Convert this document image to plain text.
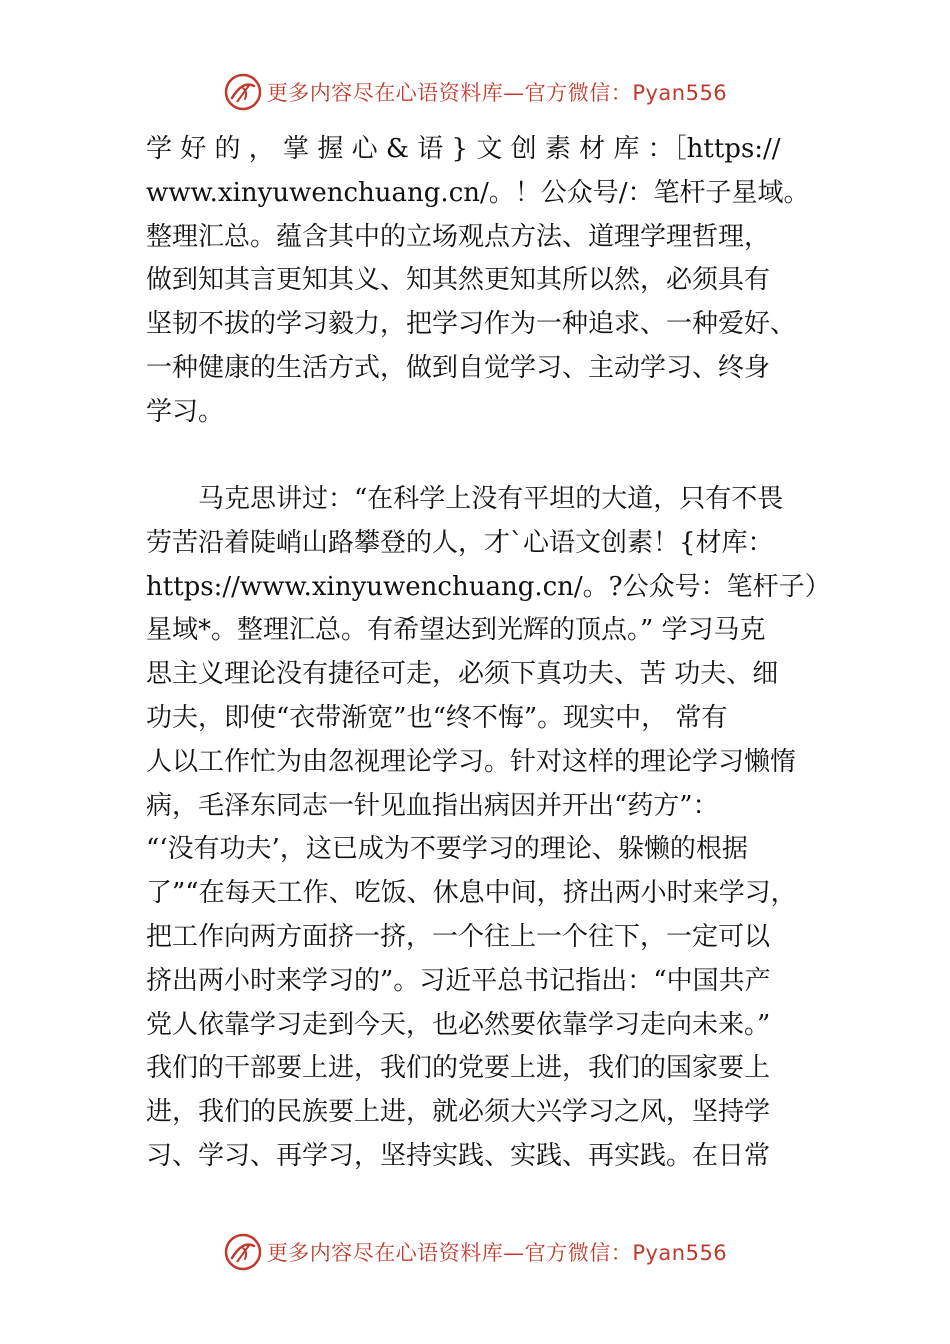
更多内容尽在心语资料库—官方微信：Pyan556
学 好 的 ， 掌 握 心 & 语 } 文 创 素 材 库 ：［https://
www.xinyuwenchuang.cn/。！公众号/：笔杆子星域。
整理汇总。蕴含其中的立场观点方法、道理学理哲理，
做到知其言更知其义、知其然更知其所以然，必须具有
坚韧不拔的学习毅力，把学习作为一种追求、一种爱好、
一种健康的生活方式，做到自觉学习、主动学习、终身
学习。
马克思讲过：“在科学上没有平坦的大道，只有不畏
劳苦沿着陡峭山路攀登的人，才`心语文创素！{材库：
https://www.xinyuwenchuang.cn/。?公众号：笔杆子）
星域*。整理汇总。有希望达到光辉的顶点。” 学习马克
思主义理论没有捷径可走，必须下真功夫、苦 功夫、细
功夫，即使“衣带渐宽”也“终不悔”。现实中， 常有
人以工作忙为由忽视理论学习。针对这样的理论学习懒惰
病，毛泽东同志一针见血指出病因并开出“药方”：
“‘没有功夫’，这已成为不要学习的理论、躲懒的根据
了”“在每天工作、吃饭、休息中间，挤出两小时来学习，
把工作向两方面挤一挤，一个往上一个往下，一定可以
挤出两小时来学习的”。习近平总书记指出：“中国共产
党人依靠学习走到今天，也必然要依靠学习走向未来。”
我们的干部要上进，我们的党要上进，我们的国家要上
进，我们的民族要上进，就必须大兴学习之风，坚持学
习、学习、再学习，坚持实践、实践、再实践。在日常
更多内容尽在心语资料库—官方微信：Pyan556
